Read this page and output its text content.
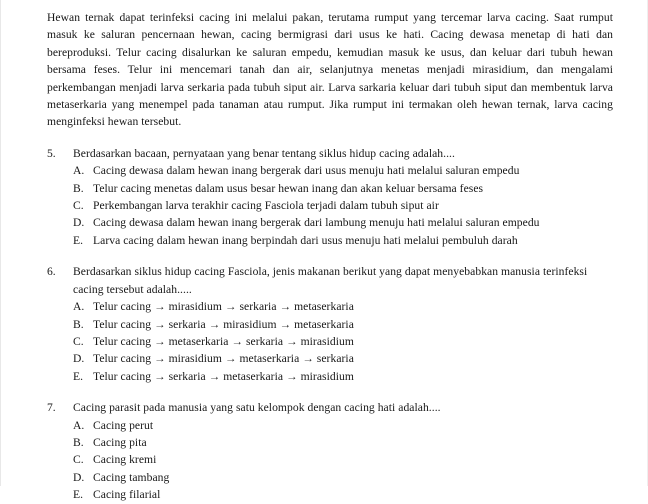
Hewan ternak dapat terinfeksi cacing ini melalui pakan, terutama rumput yang tercemar larva cacing. Saat rumput masuk ke saluran pencernaan hewan, cacing bermigrasi dari usus ke hati. Cacing dewasa menetap di hati dan bereproduksi. Telur cacing disalurkan ke saluran empedu, kemudian masuk ke usus, dan keluar dari tubuh hewan bersama feses. Telur ini mencemari tanah dan air, selanjutnya menetas menjadi mirasidium, dan mengalami perkembangan menjadi larva serkaria pada tubuh siput air. Larva sarkaria keluar dari tubuh siput dan membentuk larva metaserkaria yang menempel pada tanaman atau rumput. Jika rumput ini termakan oleh hewan ternak, larva cacing menginfeksi hewan tersebut.

5.	Berdasarkan bacaan, pernyataan yang benar tentang siklus hidup cacing adalah....
A. Cacing dewasa dalam hewan inang bergerak dari usus menuju hati melalui saluran empedu
B. Telur cacing menetas dalam usus besar hewan inang dan akan keluar bersama feses
C. Perkembangan larva terakhir cacing Fasciola terjadi dalam tubuh siput air
D. Cacing dewasa dalam hewan inang bergerak dari lambung menuju hati melalui saluran empedu
E. Larva cacing dalam hewan inang berpindah dari usus menuju hati melalui pembuluh darah
6.	Berdasarkan siklus hidup cacing Fasciola, jenis makanan berikut yang dapat menyebabkan manusia terinfeksi cacing tersebut adalah.....
A. Telur cacing → mirasidium → serkaria → metaserkaria
B. Telur cacing → serkaria → mirasidium → metaserkaria
C. Telur cacing → metaserkaria → serkaria → mirasidium
D. Telur cacing → mirasidium → metaserkaria → serkaria
E. Telur cacing → serkaria → metaserkaria → mirasidium
7.	Cacing parasit pada manusia yang satu kelompok dengan cacing hati adalah....
A. Cacing perut
B. Cacing pita
C. Cacing kremi
D. Cacing tambang
E. Cacing filarial
